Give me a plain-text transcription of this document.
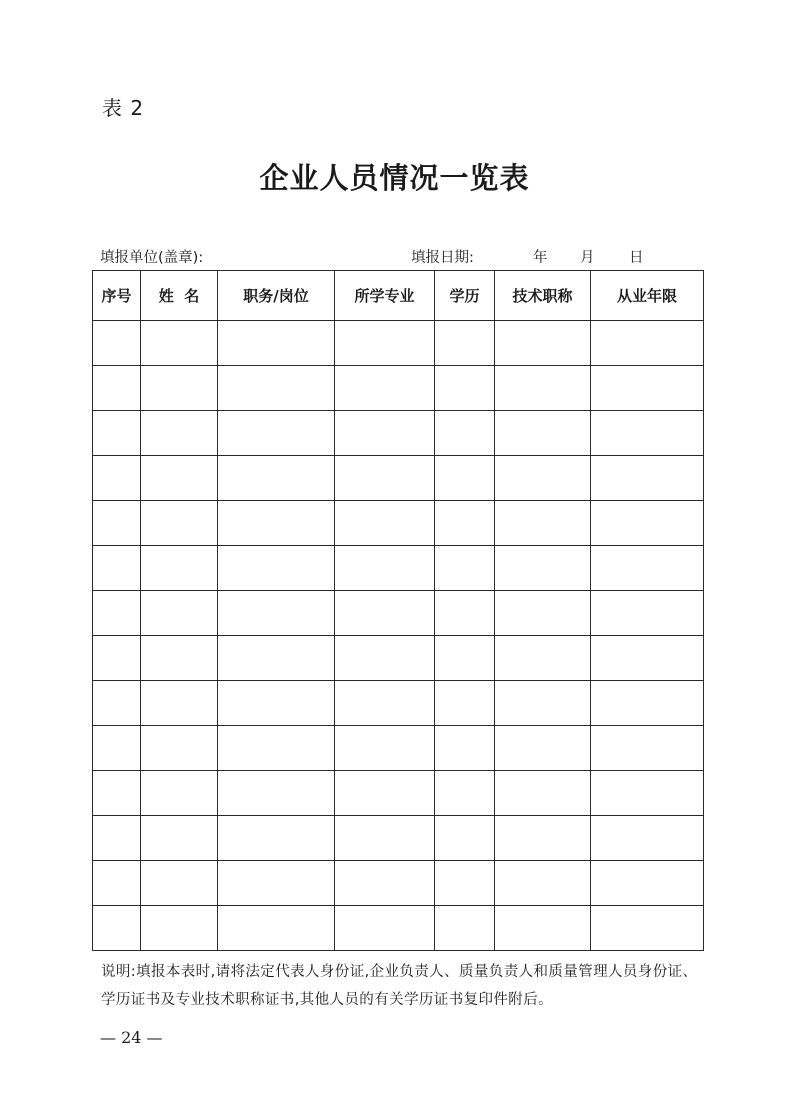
表 2
企业人员情况一览表
填报单位(盖章):	填报日期:	年 月 日
序号	姓  名	职务/岗位	所学专业	学历	技术职称	从业年限

说明:填报本表时,请将法定代表人身份证,企业负责人、质量负责人和质量管理人员身份证、学历证书及专业技术职称证书,其他人员的有关学历证书复印件附后。
— 24 —
